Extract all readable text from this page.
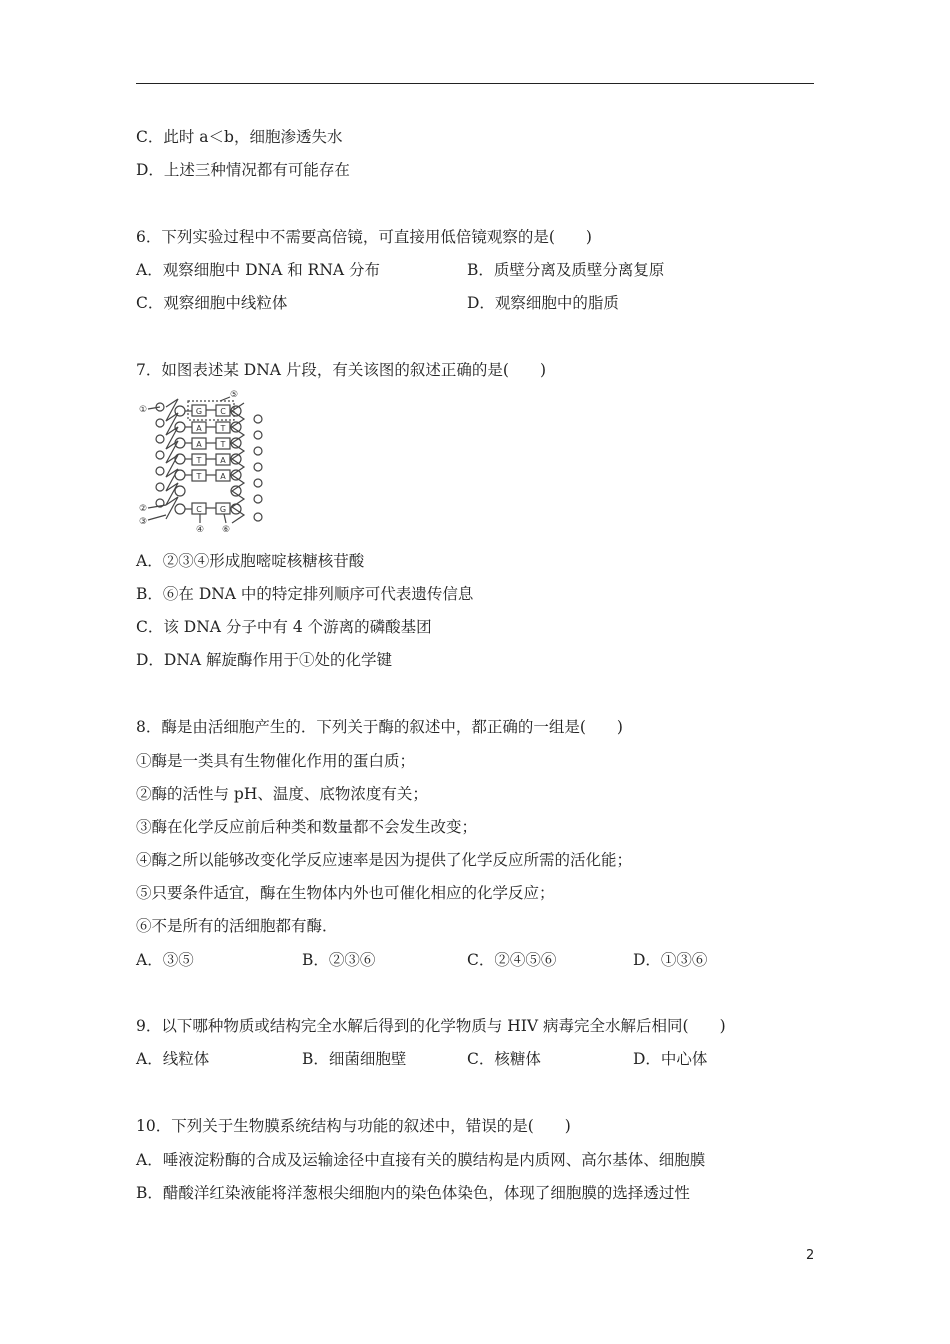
C．此时 a＜b，细胞渗透失水
D．上述三种情况都有可能存在
6．下列实验过程中不需要高倍镜，可直接用低倍镜观察的是(　　)
A．观察细胞中 DNA 和 RNA 分布	B．质壁分离及质壁分离复原
C．观察细胞中线粒体	D．观察细胞中的脂质
7．如图表述某 DNA 片段，有关该图的叙述正确的是(　　)
G C
A T
A T
T A
T A
C G
①
②
③
④
⑤
⑥
A．②③④形成胞嘧啶核糖核苷酸
B．⑥在 DNA 中的特定排列顺序可代表遗传信息
C．该 DNA 分子中有 4 个游离的磷酸基团
D．DNA 解旋酶作用于①处的化学键
8．酶是由活细胞产生的．下列关于酶的叙述中，都正确的一组是(　　)
①酶是一类具有生物催化作用的蛋白质；
②酶的活性与 pH、温度、底物浓度有关；
③酶在化学反应前后种类和数量都不会发生改变；
④酶之所以能够改变化学反应速率是因为提供了化学反应所需的活化能；
⑤只要条件适宜，酶在生物体内外也可催化相应的化学反应；
⑥不是所有的活细胞都有酶．
A．③⑤	B．②③⑥	C．②④⑤⑥	D．①③⑥
9．以下哪种物质或结构完全水解后得到的化学物质与 HIV 病毒完全水解后相同(　　)
A．线粒体	B．细菌细胞壁	C．核糖体	D．中心体
10．下列关于生物膜系统结构与功能的叙述中，错误的是(　　)
A．唾液淀粉酶的合成及运输途径中直接有关的膜结构是内质网、高尔基体、细胞膜
B．醋酸洋红染液能将洋葱根尖细胞内的染色体染色，体现了细胞膜的选择透过性
2
